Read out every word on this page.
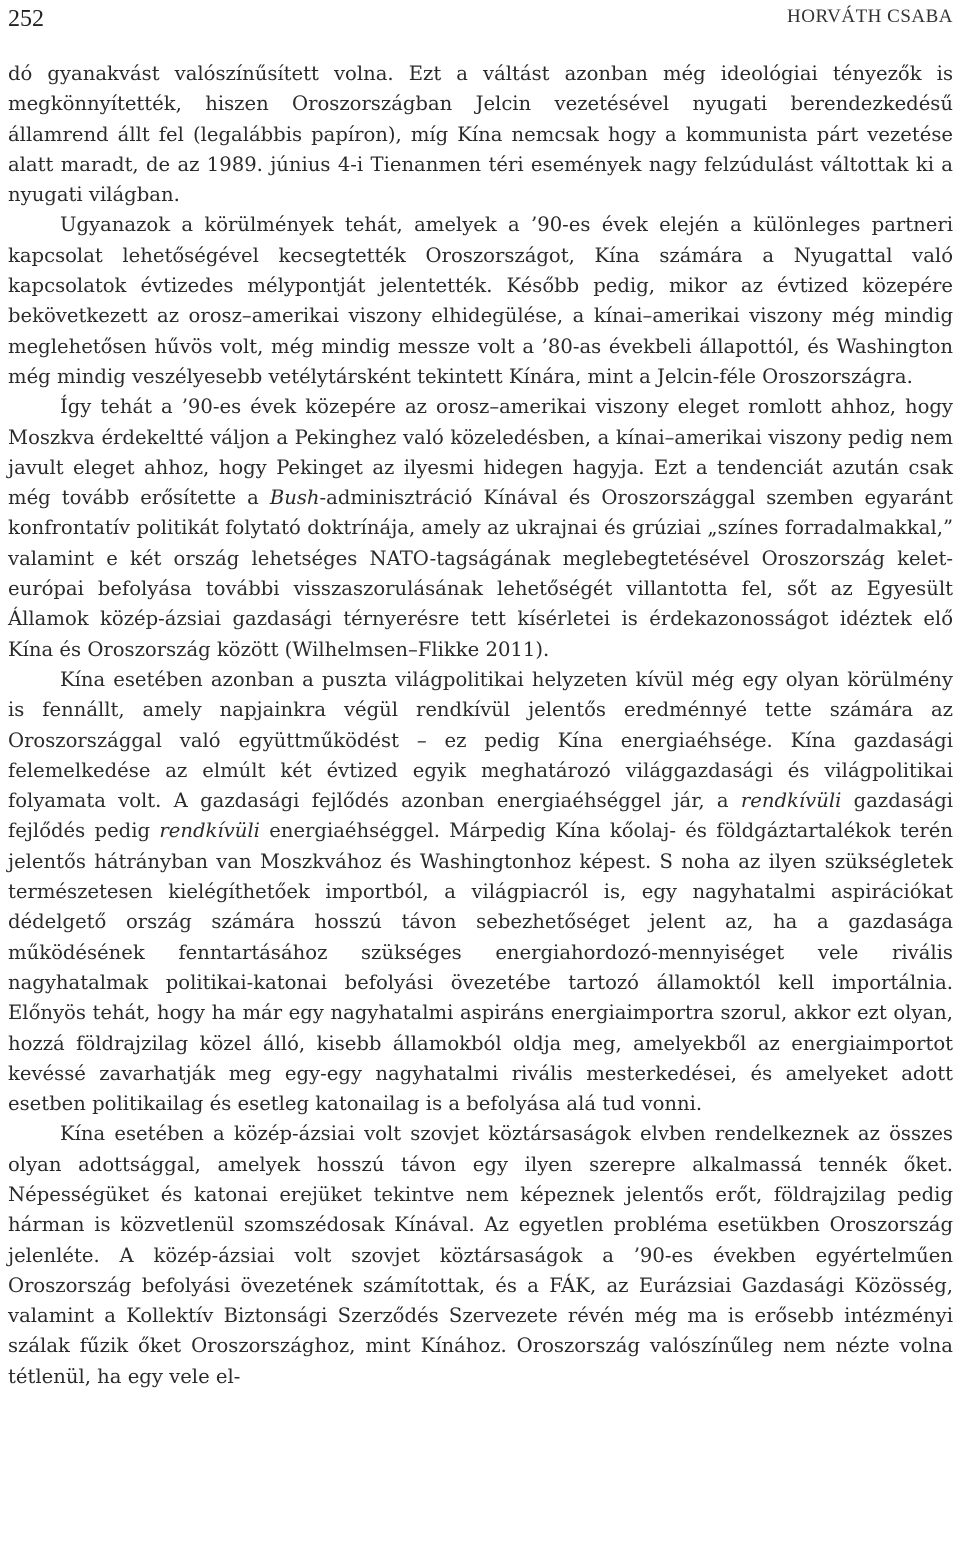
252	HORVÁTH CSABA

dó gyanakvást valószínűsített volna. Ezt a váltást azonban még ideológiai tényezők is megkönnyítették, hiszen Oroszországban Jelcin vezetésével nyugati berendezkedésű államrend állt fel (legalábbis papíron), míg Kína nemcsak hogy a kommunista párt vezetése alatt maradt, de az 1989. június 4-i Tienanmen téri események nagy felzúdulást váltottak ki a nyugati világban.

Ugyanazok a körülmények tehát, amelyek a ’90-es évek elején a különleges partneri kapcsolat lehetőségével kecsegtették Oroszországot, Kína számára a Nyugattal való kapcsolatok évtizedes mélypontját jelentették. Később pedig, mikor az évtized közepére bekövetkezett az orosz–amerikai viszony elhidegülése, a kínai–amerikai viszony még mindig meglehetősen hűvös volt, még mindig messze volt a ’80-as évekbeli állapottól, és Washington még mindig veszélyesebb vetélytársként tekintett Kínára, mint a Jelcin-féle Oroszországra.

Így tehát a ’90-es évek közepére az orosz–amerikai viszony eleget romlott ahhoz, hogy Moszkva érdekeltté váljon a Pekinghez való közeledésben, a kínai–amerikai viszony pedig nem javult eleget ahhoz, hogy Pekinget az ilyesmi hidegen hagyja. Ezt a tendenciát azután csak még tovább erősítette a Bush-adminisztráció Kínával és Oroszországgal szemben egyaránt konfrontatív politikát folytató doktrínája, amely az ukrajnai és grúziai „színes forradalmakkal,” valamint e két ország lehetséges NATO-tagságának meglebegtetésével Oroszország kelet-európai befolyása további visszaszorulásának lehetőségét villantotta fel, sőt az Egyesült Államok közép-ázsiai gazdasági térnyerésre tett kísérletei is érdekazonosságot idéztek elő Kína és Oroszország között (Wilhelmsen–Flikke 2011).

Kína esetében azonban a puszta világpolitikai helyzeten kívül még egy olyan körülmény is fennállt, amely napjainkra végül rendkívül jelentős eredménnyé tette számára az Oroszországgal való együttműködést – ez pedig Kína energiaéhsége. Kína gazdasági felemelkedése az elmúlt két évtized egyik meghatározó világgazdasági és világpolitikai folyamata volt. A gazdasági fejlődés azonban energiaéhséggel jár, a rendkívüli gazdasági fejlődés pedig rendkívüli energiaéhséggel. Márpedig Kína kőolaj- és földgáztartalékok terén jelentős hátrányban van Moszkvához és Washingtonhoz képest. S noha az ilyen szükségletek természetesen kielégíthetőek importból, a világpiacról is, egy nagyhatalmi aspirációkat dédelgető ország számára hosszú távon sebezhetőséget jelent az, ha a gazdasága működésének fenntartásához szükséges energiahordozó-mennyiséget vele rivális nagyhatalmak politikai-katonai befolyási övezetébe tartozó államoktól kell importálnia. Előnyös tehát, hogy ha már egy nagyhatalmi aspiráns energiaimportra szorul, akkor ezt olyan, hozzá földrajzilag közel álló, kisebb államokból oldja meg, amelyekből az energiaimportot kevéssé zavarhatják meg egy-egy nagyhatalmi rivális mesterkedései, és amelyeket adott esetben politikailag és esetleg katonailag is a befolyása alá tud vonni.

Kína esetében a közép-ázsiai volt szovjet köztársaságok elvben rendelkeznek az összes olyan adottsággal, amelyek hosszú távon egy ilyen szerepre alkalmassá tennék őket. Népességüket és katonai erejüket tekintve nem képeznek jelentős erőt, földrajzilag pedig hárman is közvetlenül szomszédosak Kínával. Az egyetlen probléma esetükben Oroszország jelenléte. A közép-ázsiai volt szovjet köztársaságok a ’90-es években egyértelműen Oroszország befolyási övezetének számítottak, és a FÁK, az Eurázsiai Gazdasági Közösség, valamint a Kollektív Biztonsági Szerződés Szervezete révén még ma is erősebb intézményi szálak fűzik őket Oroszországhoz, mint Kínához. Oroszország valószínűleg nem nézte volna tétlenül, ha egy vele el-
